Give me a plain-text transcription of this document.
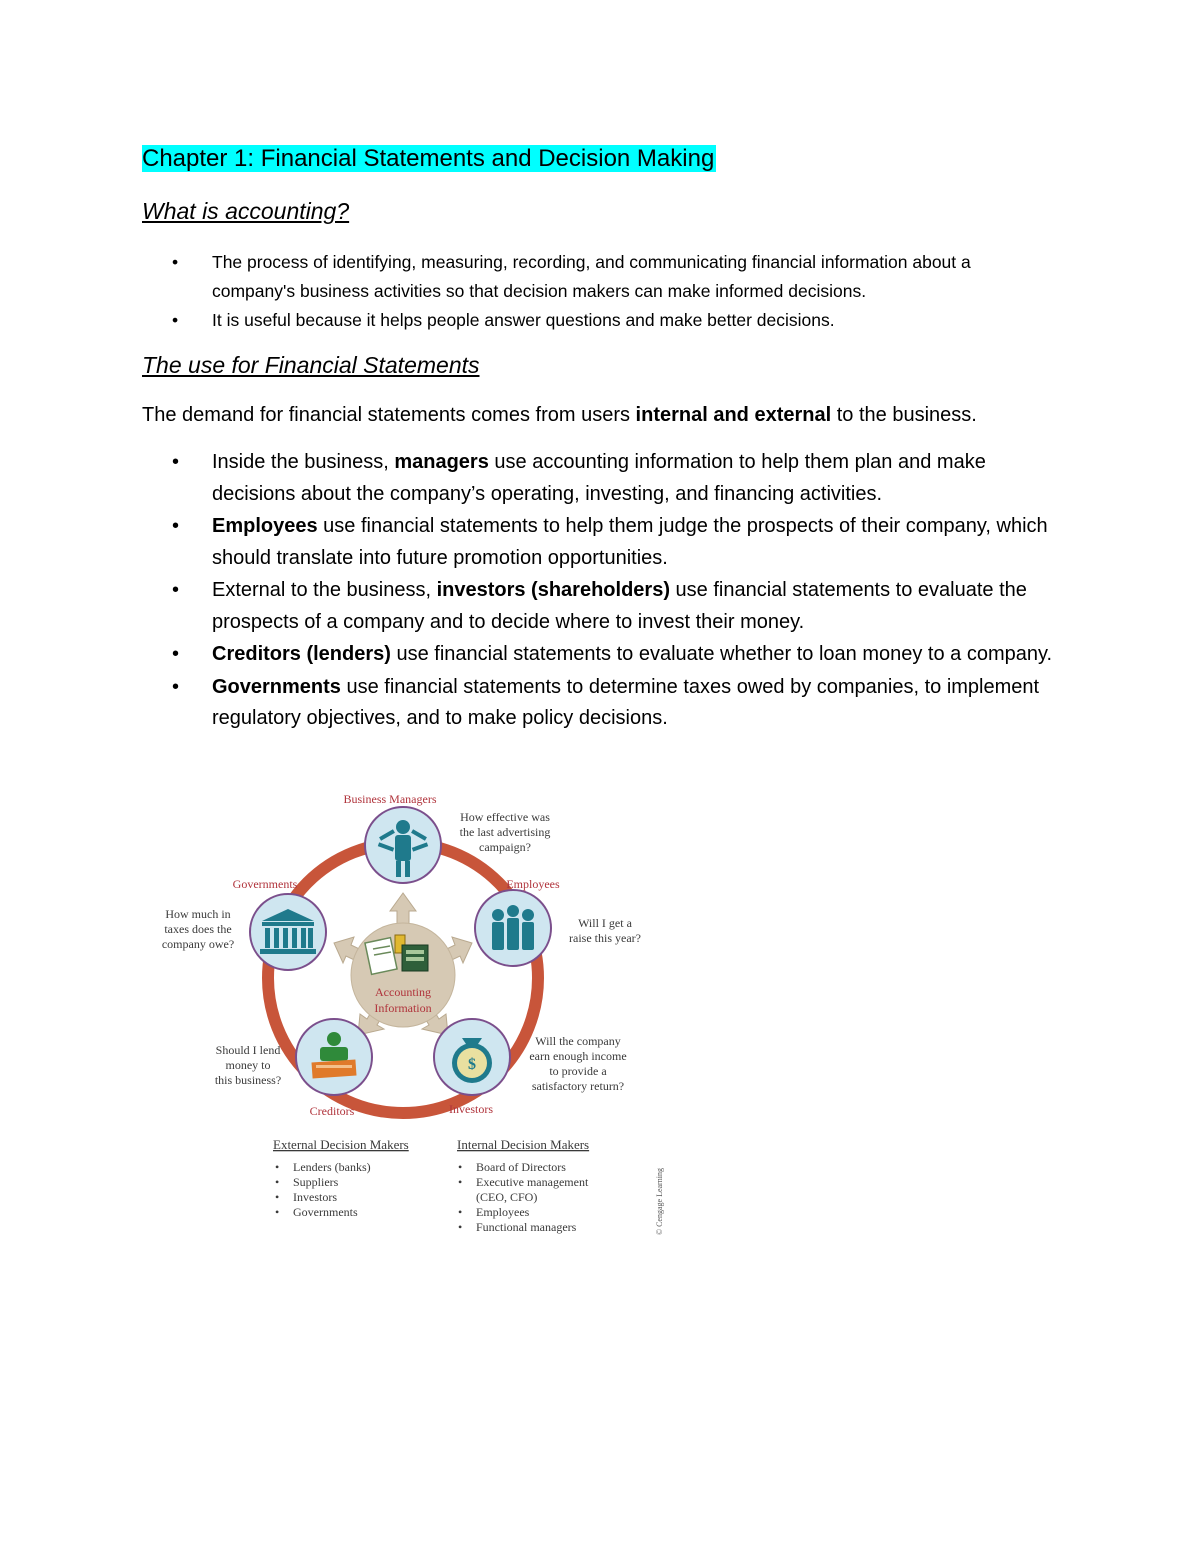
Chapter 1: Financial Statements and Decision Making
What is accounting?
• The process of identifying, measuring, recording, and communicating financial information about a company's business activities so that decision makers can make informed decisions.
• It is useful because it helps people answer questions and make better decisions.
The use for Financial Statements

The demand for financial statements comes from users internal and external to the business.

• Inside the business, managers use accounting information to help them plan and make decisions about the company’s operating, investing, and financing activities.
• Employees use financial statements to help them judge the prospects of their company, which should translate into future promotion opportunities.
• External to the business, investors (shareholders) use financial statements to evaluate the prospects of a company and to decide where to invest their money.
• Creditors (lenders) use financial statements to evaluate whether to loan money to a company.
• Governments use financial statements to determine taxes owed by companies, to implement regulatory objectives, and to make policy decisions.
Accounting
Information
Business Managers
How effective was
the last advertising
campaign?
Employees
Will I get a
raise this year?
$
Investors
Will the company
earn enough income
to provide a
satisfactory return?
Creditors
Should I lend
money to
this business?
Governments
How much in
taxes does the
company owe?
External Decision Makers
• Lenders (banks)
• Suppliers
• Investors
• Governments
Internal Decision Makers
• Board of Directors
• Executive management
(CEO, CFO)
• Employees
• Functional managers	© Cengage Learning
